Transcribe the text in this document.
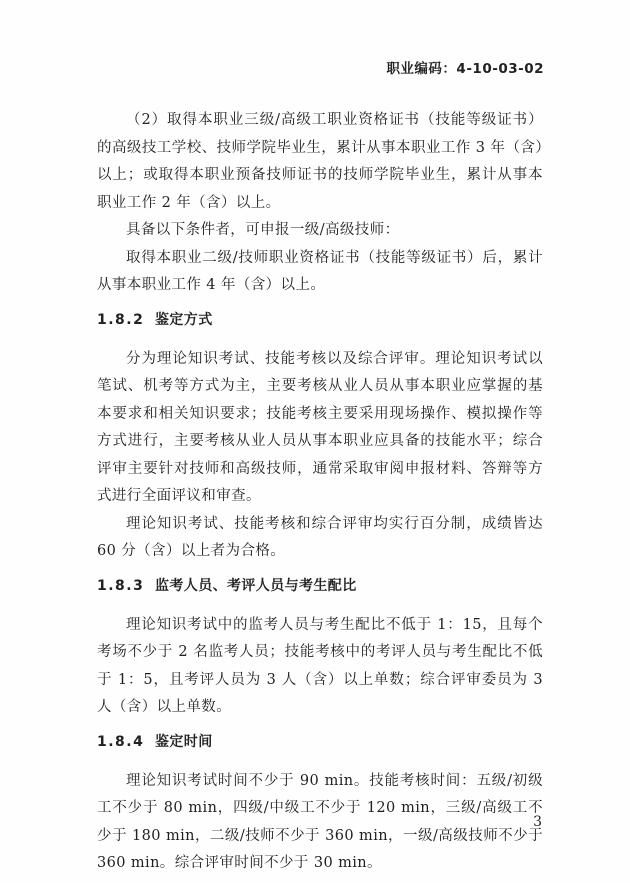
职业编码：4-10-03-02

（2）取得本职业三级/高级工职业资格证书（技能等级证书）的高级技工学校、技师学院毕业生，累计从事本职业工作 3 年（含）以上；或取得本职业预备技师证书的技师学院毕业生，累计从事本职业工作 2 年（含）以上。

具备以下条件者，可申报一级/高级技师：

取得本职业二级/技师职业资格证书（技能等级证书）后，累计从事本职业工作 4 年（含）以上。

1.8.2 鉴定方式

分为理论知识考试、技能考核以及综合评审。理论知识考试以笔试、机考等方式为主，主要考核从业人员从事本职业应掌握的基本要求和相关知识要求；技能考核主要采用现场操作、模拟操作等方式进行，主要考核从业人员从事本职业应具备的技能水平；综合评审主要针对技师和高级技师，通常采取审阅申报材料、答辩等方式进行全面评议和审查。

理论知识考试、技能考核和综合评审均实行百分制，成绩皆达 60 分（含）以上者为合格。

1.8.3 监考人员、考评人员与考生配比

理论知识考试中的监考人员与考生配比不低于 1：15，且每个考场不少于 2 名监考人员；技能考核中的考评人员与考生配比不低于 1：5，且考评人员为 3 人（含）以上单数；综合评审委员为 3 人（含）以上单数。

1.8.4 鉴定时间

理论知识考试时间不少于 90 min。技能考核时间：五级/初级工不少于 80 min，四级/中级工不少于 120 min，三级/高级工不少于 180 min，二级/技师不少于 360 min，一级/高级技师不少于 360 min。综合评审时间不少于 30 min。

3
